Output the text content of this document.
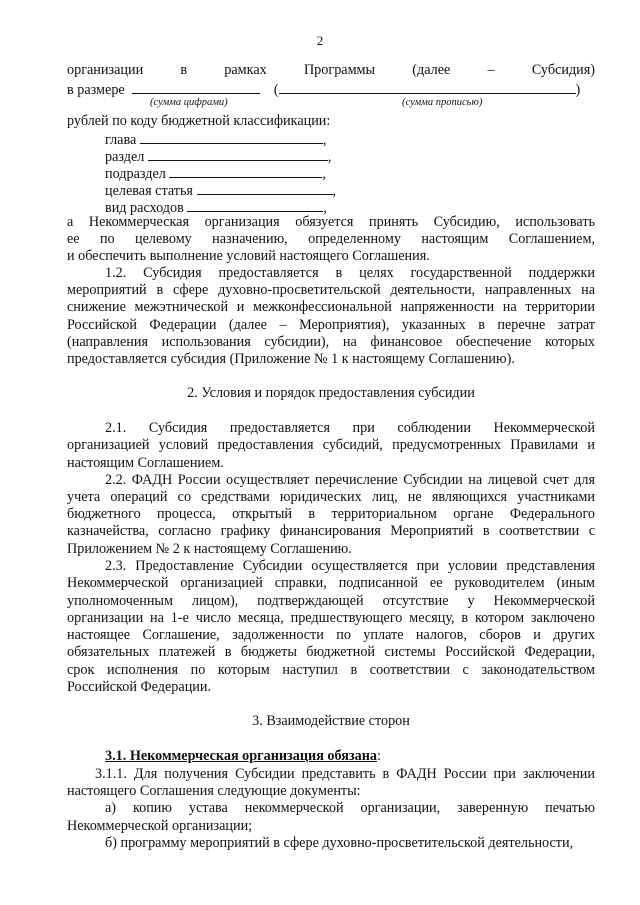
2
организации	в	рамках	Программы	(далее	–	Субсидия)
в размере	(	)
(сумма цифрами)	(сумма прописью)
рублей по коду бюджетной классификации:
глава	,
раздел	,
подраздел	,
целевая статья	,
вид расходов	,
а Некоммерческая организация обязуется принять Субсидию, использовать
ее по целевому назначению, определенному настоящим Соглашением,
и обеспечить выполнение условий настоящего Соглашения.
1.2. Субсидия предоставляется в целях государственной поддержки
мероприятий в сфере духовно-просветительской деятельности, направленных на
снижение межэтнической и межконфессиональной напряженности на территории
Российской Федерации (далее – Мероприятия), указанных в перечне затрат
(направления использования субсидии), на финансовое обеспечение которых
предоставляется субсидия (Приложение № 1 к настоящему Соглашению).
2. Условия и порядок предоставления субсидии
2.1. Субсидия предоставляется при соблюдении Некоммерческой
организацией условий предоставления субсидий, предусмотренных Правилами и
настоящим Соглашением.
2.2. ФАДН России осуществляет перечисление Субсидии на лицевой счет для
учета операций со средствами юридических лиц, не являющихся участниками
бюджетного процесса, открытый в территориальном органе Федерального
казначейства, согласно графику финансирования Мероприятий в соответствии с
Приложением № 2 к настоящему Соглашению.
2.3. Предоставление Субсидии осуществляется при условии представления
Некоммерческой организацией справки, подписанной ее руководителем (иным
уполномоченным лицом), подтверждающей отсутствие у Некоммерческой
организации на 1-е число месяца, предшествующего месяцу, в котором заключено
настоящее Соглашение, задолженности по уплате налогов, сборов и других
обязательных платежей в бюджеты бюджетной системы Российской Федерации,
срок исполнения по которым наступил в соответствии с законодательством
Российской Федерации.
3. Взаимодействие сторон
3.1. Некоммерческая организация обязана:
3.1.1. Для получения Субсидии представить в ФАДН России при заключении
настоящего Соглашения следующие документы:
а) копию устава некоммерческой организации, заверенную печатью
Некоммерческой организации;
б) программу мероприятий в сфере духовно-просветительской деятельности,
